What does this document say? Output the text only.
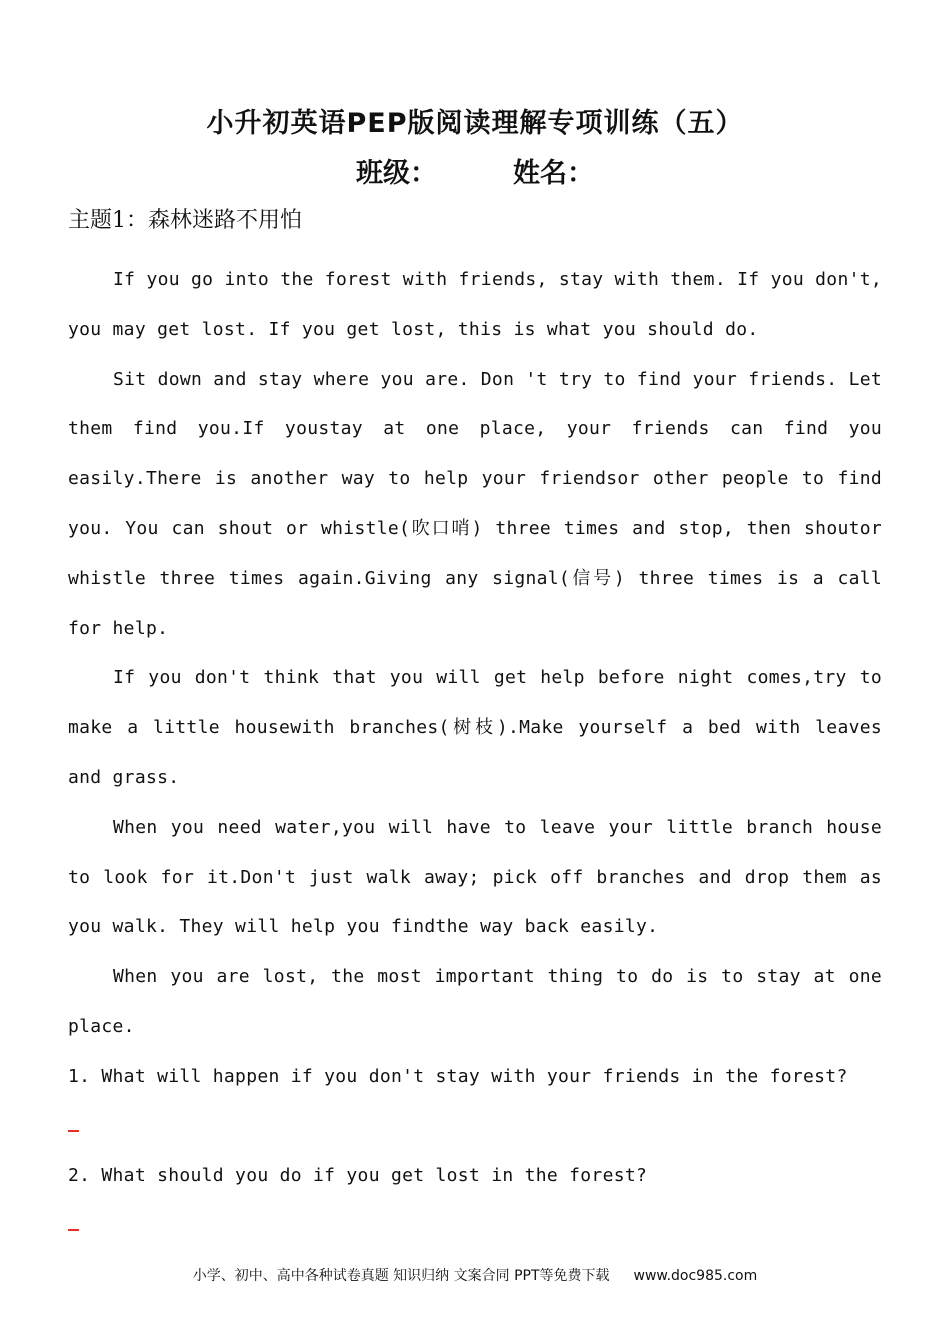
小升初英语PEP版阅读理解专项训练（五）
班级：	姓名：
主题1：森林迷路不用怕

If you go into the forest with friends, stay with them. If you don't, you may get lost. If you get lost, this is what you should do.

Sit down and stay where you are. Don 't try to find your friends. Let them find you.If youstay at one place, your friends can find you easily.There is another way to help your friendsor other people to find you. You can shout or whistle(吹口哨) three times and stop, then shoutor whistle three times again.Giving any signal(信号) three times is a call for help.

If you don't think that you will get help before night comes,try to make a little housewith branches(树枝).Make yourself a bed with leaves and grass.

When you need water,you will have to leave your little branch house to look for it.Don't just walk away; pick off branches and drop them as you walk. They will help you findthe way back easily.

When you are lost, the most important thing to do is to stay at one place.

1. What will happen if you don't stay with your friends in the forest?

2. What should you do if you get lost in the forest?

小学、初中、高中各种试卷真题 知识归纳 文案合同 PPT等免费下载 www.doc985.com
